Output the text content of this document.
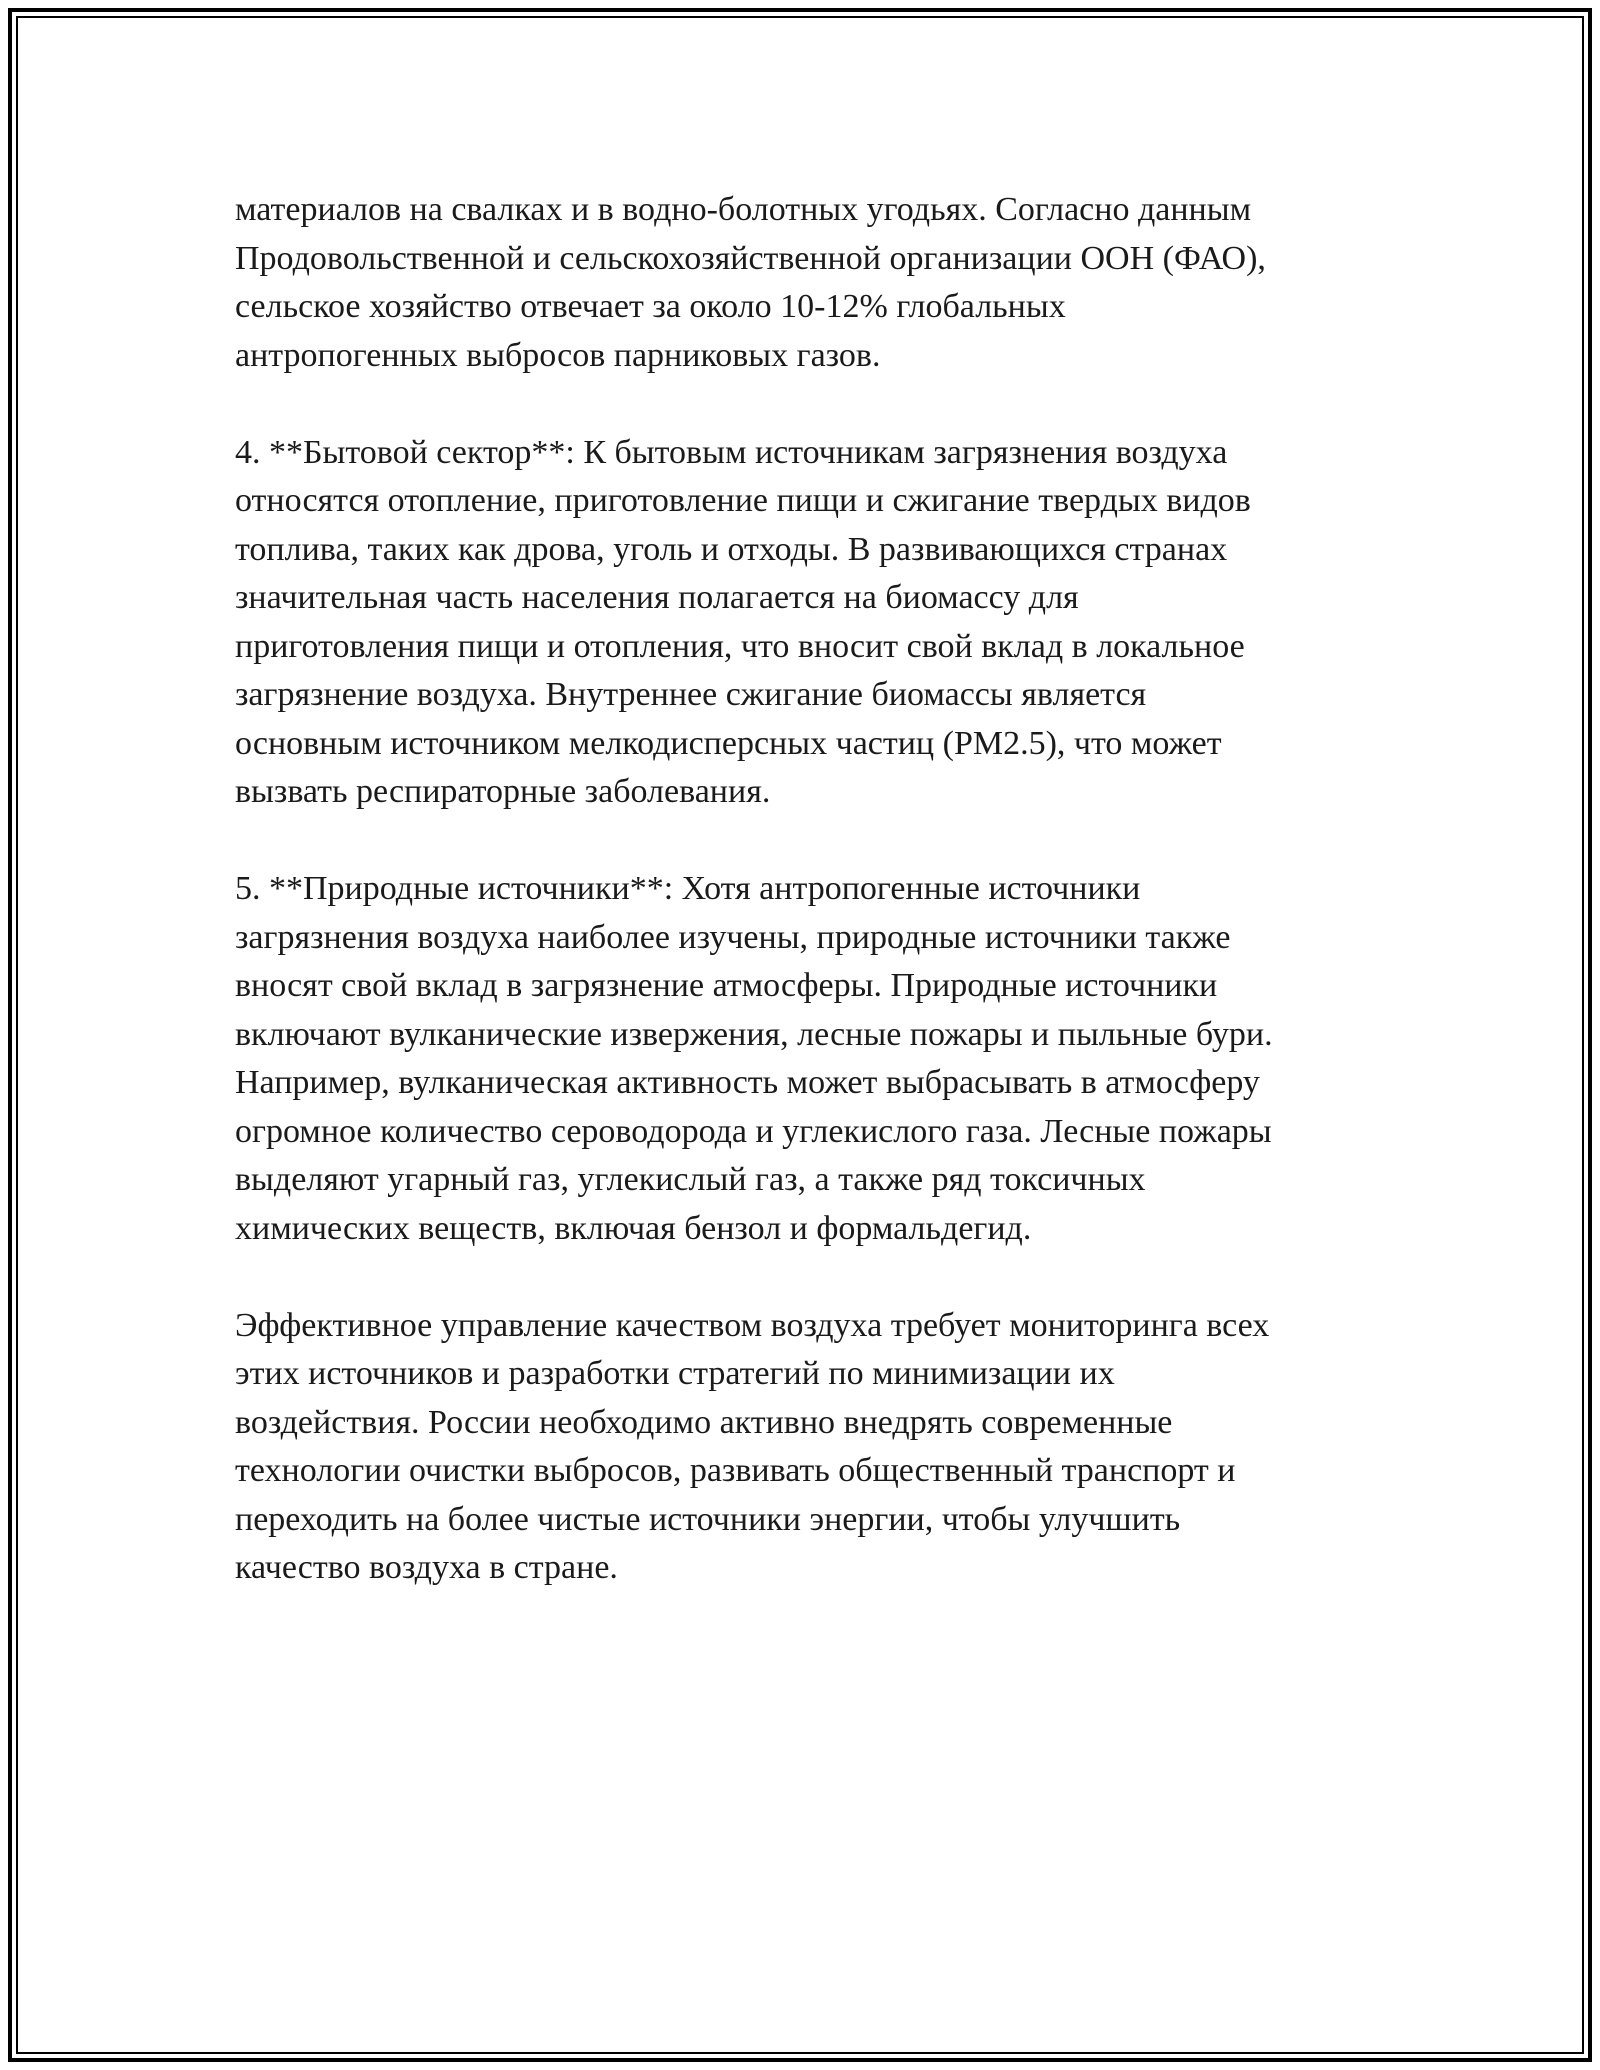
материалов на свалках и в водно-болотных угодьях. Согласно данным
Продовольственной и сельскохозяйственной организации ООН (ФАО),
сельское хозяйство отвечает за около 10-12% глобальных
антропогенных выбросов парниковых газов.

4. **Бытовой сектор**: К бытовым источникам загрязнения воздуха
относятся отопление, приготовление пищи и сжигание твердых видов
топлива, таких как дрова, уголь и отходы. В развивающихся странах
значительная часть населения полагается на биомассу для
приготовления пищи и отопления, что вносит свой вклад в локальное
загрязнение воздуха. Внутреннее сжигание биомассы является
основным источником мелкодисперсных частиц (PM2.5), что может
вызвать респираторные заболевания.

5. **Природные источники**: Хотя антропогенные источники
загрязнения воздуха наиболее изучены, природные источники также
вносят свой вклад в загрязнение атмосферы. Природные источники
включают вулканические извержения, лесные пожары и пыльные бури.
Например, вулканическая активность может выбрасывать в атмосферу
огромное количество сероводорода и углекислого газа. Лесные пожары
выделяют угарный газ, углекислый газ, а также ряд токсичных
химических веществ, включая бензол и формальдегид.

Эффективное управление качеством воздуха требует мониторинга всех
этих источников и разработки стратегий по минимизации их
воздействия. России необходимо активно внедрять современные
технологии очистки выбросов, развивать общественный транспорт и
переходить на более чистые источники энергии, чтобы улучшить
качество воздуха в стране.
